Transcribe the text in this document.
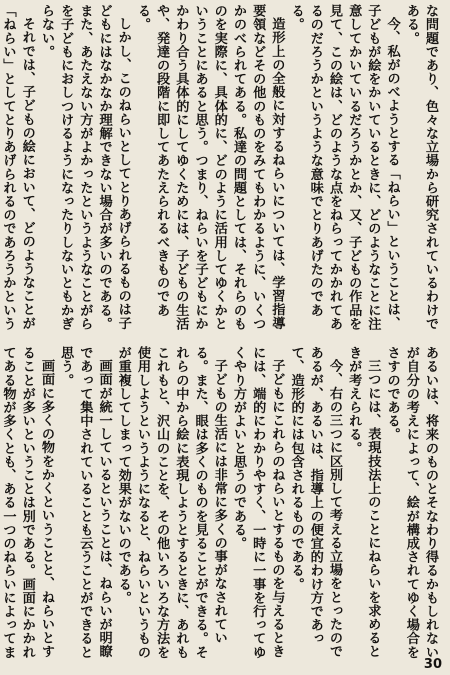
な問題であり、色々な立場から研究されているわけである。

今、私がのべようとする「ねらい」ということは、子どもが絵をかいているときに、どのようなことに注意してかいているだろうかとか、又、子どもの作品を見て、この絵は、どのような点をねらってかかれてあるのだろうかというような意味でとりあげたのである。

造形上の全般に対するねらいについては、学習指導要領などその他のものをみてもわかるように、いくつかのべられてある。私達の問題としては、それらのものを実際に、具体的に、どのように活用してゆくかということにあると思う。つまり、ねらいを子どもにかかわり合う具体的にしてゆくためには、子どもの生活や、発達の段階に即してあたえられるべきものである。

しかし、このねらいとしてとりあげられるものは子どもにはなかなか理解できない場合が多いのである。また、あたえない方がよかったというようなことがらを子どもにおしつけるようになったりしないともかぎらない。

それでは、子どもの絵において、どのようなことが「ねらい」としてとりあげられるのであろうかという

あるいは、将来のものとそなわり得るかもしれないが自分の考えによって、絵が構成されてゆく場合をさすのである。

三つには、表現技法上のことにねらいを求めるときが考えられる。

今、右の三つに区別して考える立場をとったのであるが、あるいは、指導上の便宜的わけ方であって、造形的には包含されるものである。

子どもにこれらのねらいとするものを与えるときには、端的にわかりやすく、一時に一事を行ってゆくやり方がよいと思うのである。

子どもの生活には非常に多くの事がなされている。また、眼は多くのものを見ることができる。それらの中から絵に表現しようとするときに、あれもこれもと、沢山のことを、その他いろいろな方法を使用しようというようになると、ねらいというものが重複してしまって効果がないのである。

画面が統一しているということは、ねらいが明瞭であって集中されていることも云うことができると思う。

画面に多くの物をかくということと、ねらいとすることが多いということは別である。画面にかかれてある物が多くとも、ある一つのねらいによってま

30
